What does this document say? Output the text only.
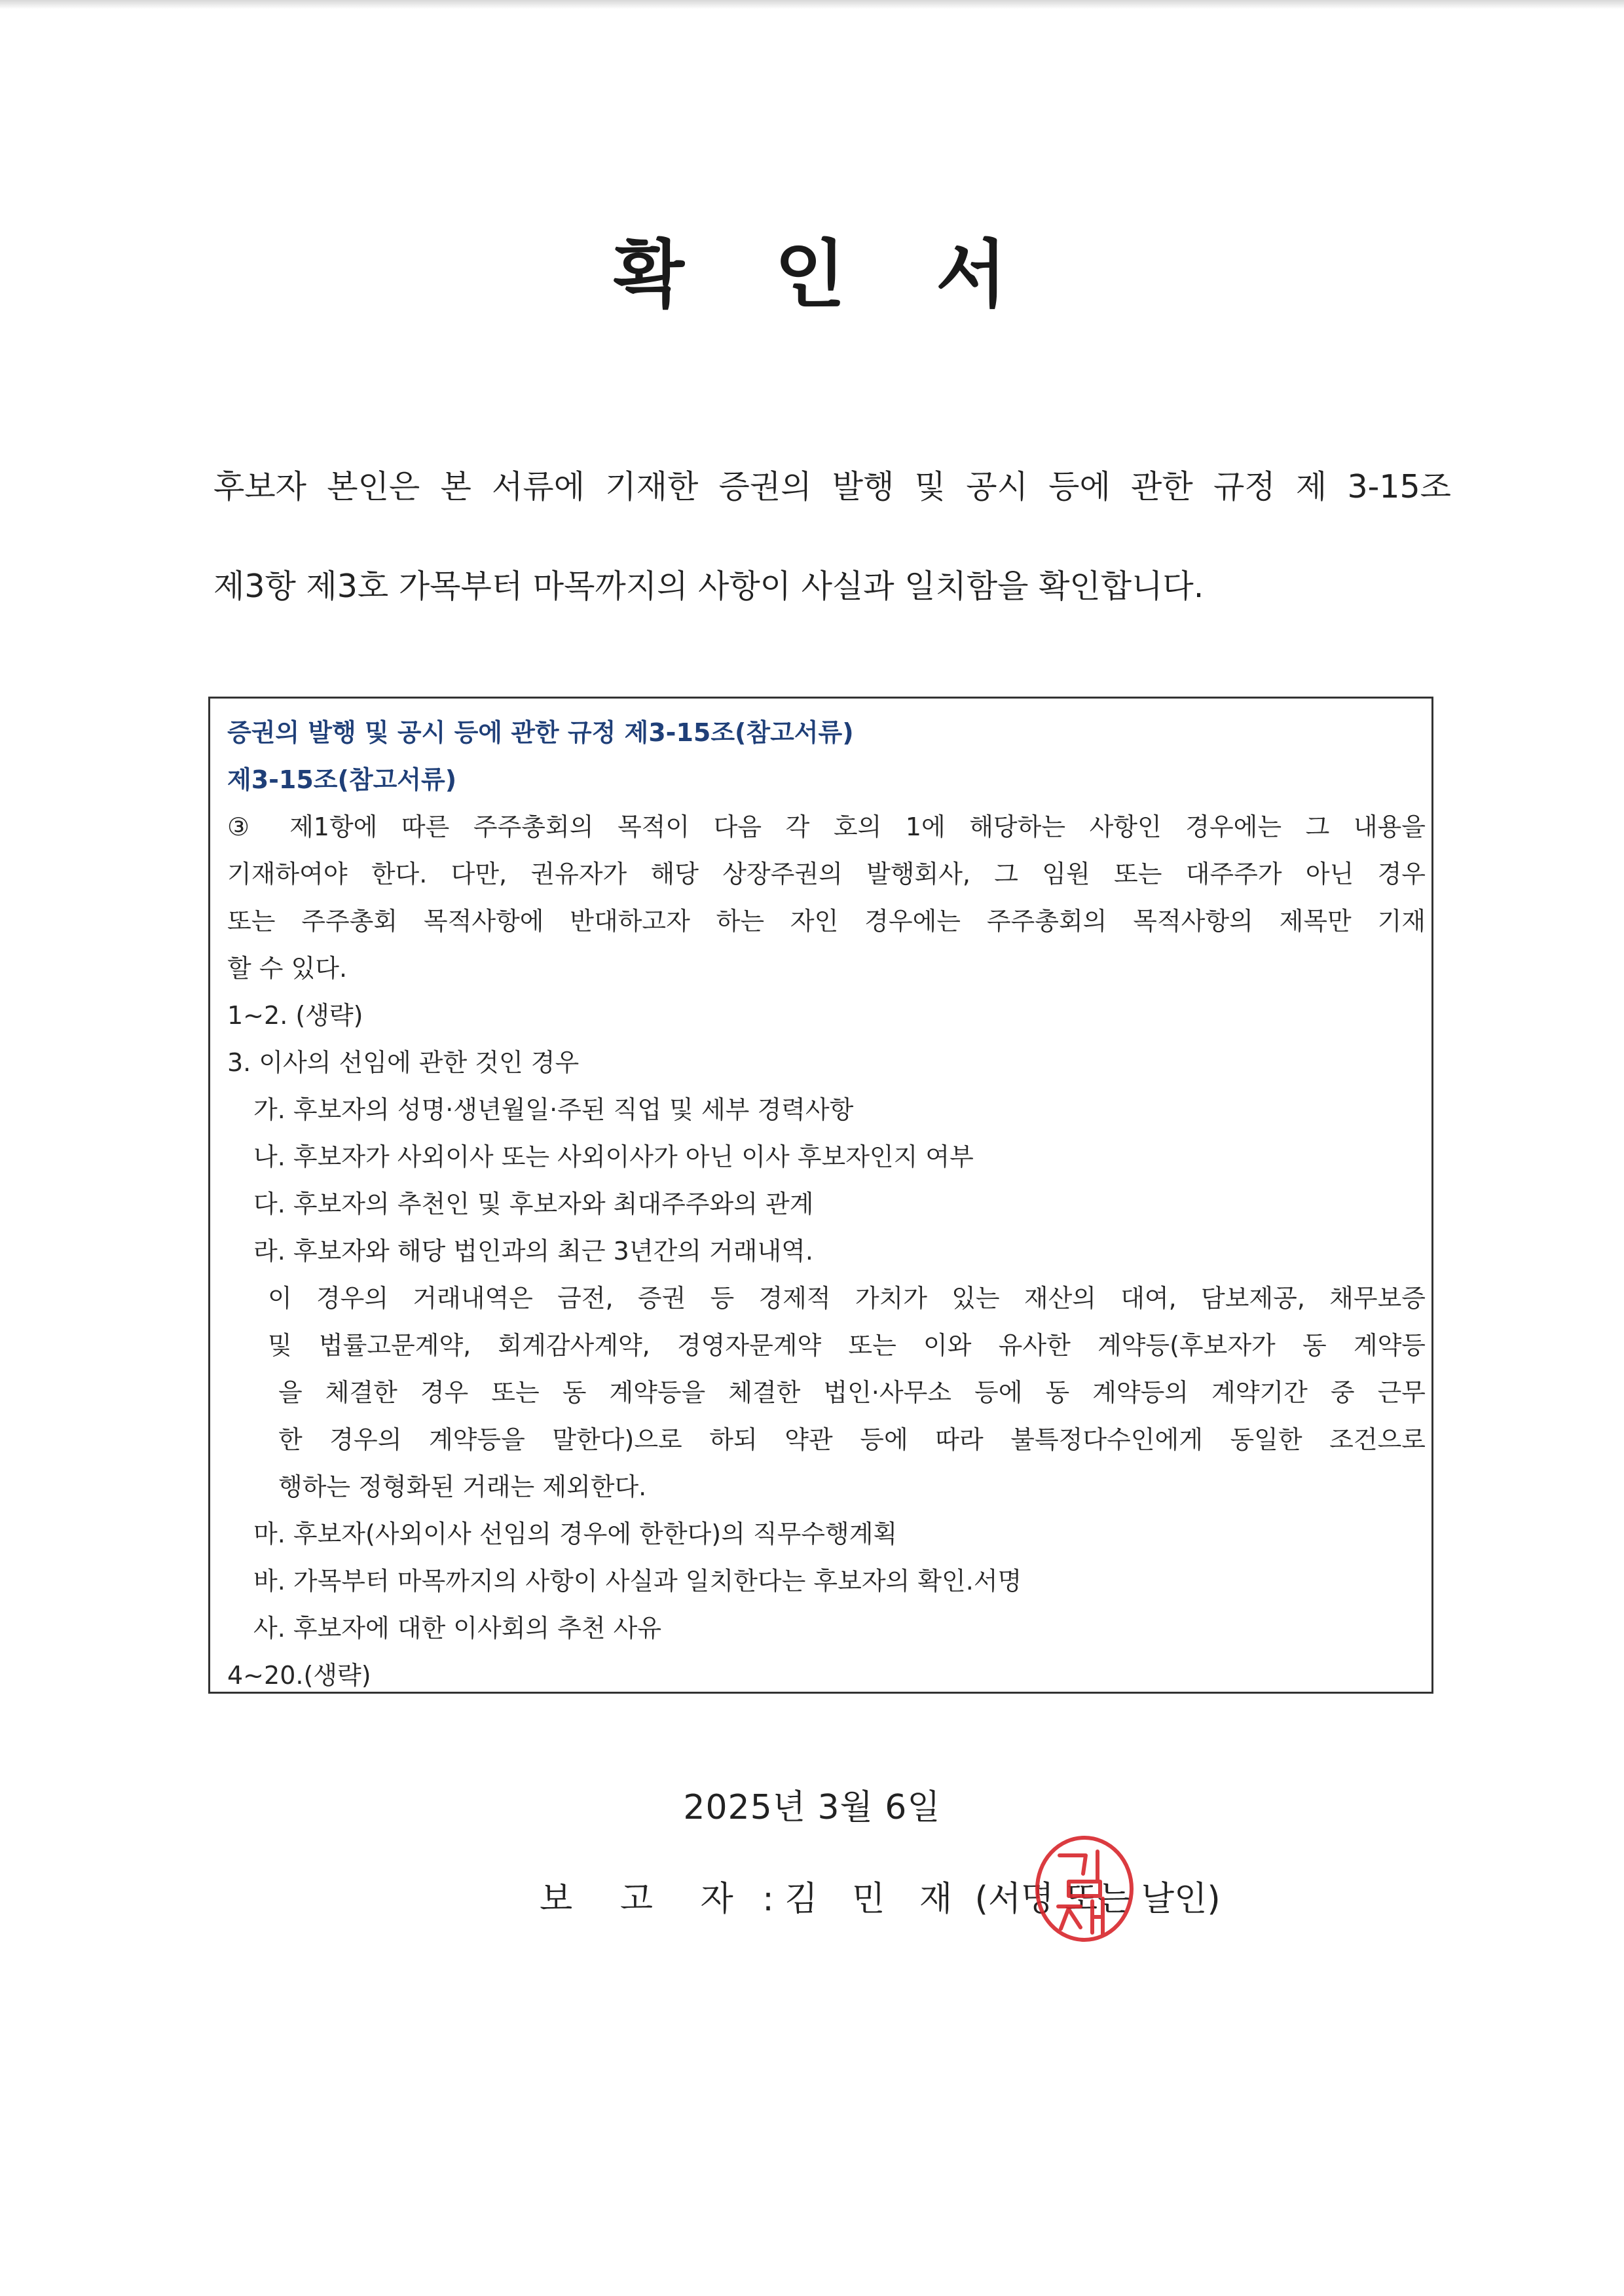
확 인 서
후보자 본인은 본 서류에 기재한 증권의 발행 및 공시 등에 관한 규정 제 3-15조
제3항 제3호 가목부터 마목까지의 사항이 사실과 일치함을 확인합니다.
증권의 발행 및 공시 등에 관한 규정 제3-15조(참고서류)
제3-15조(참고서류)
③ 제1항에 따른 주주총회의 목적이 다음 각 호의 1에 해당하는 사항인 경우에는 그 내용을
기재하여야 한다. 다만, 권유자가 해당 상장주권의 발행회사, 그 임원 또는 대주주가 아닌 경우
또는 주주총회 목적사항에 반대하고자 하는 자인 경우에는 주주총회의 목적사항의 제목만 기재
할 수 있다.
1~2. (생략)
3. 이사의 선임에 관한 것인 경우
가. 후보자의 성명·생년월일·주된 직업 및 세부 경력사항
나. 후보자가 사외이사 또는 사외이사가 아닌 이사 후보자인지 여부
다. 후보자의 추천인 및 후보자와 최대주주와의 관계
라. 후보자와 해당 법인과의 최근 3년간의 거래내역.
이 경우의 거래내역은 금전, 증권 등 경제적 가치가 있는 재산의 대여, 담보제공, 채무보증
및 법률고문계약, 회계감사계약, 경영자문계약 또는 이와 유사한 계약등(후보자가 동 계약등
을 체결한 경우 또는 동 계약등을 체결한 법인·사무소 등에 동 계약등의 계약기간 중 근무
한 경우의 계약등을 말한다)으로 하되 약관 등에 따라 불특정다수인에게 동일한 조건으로
행하는 정형화된 거래는 제외한다.
마. 후보자(사외이사 선임의 경우에 한한다)의 직무수행계획
바. 가목부터 마목까지의 사항이 사실과 일치한다는 후보자의 확인.서명
사. 후보자에 대한 이사회의 추천 사유
4~20.(생략)
2025년 3월 6일
보 고 자 : 김 민 재 (서명 또는 날인)
